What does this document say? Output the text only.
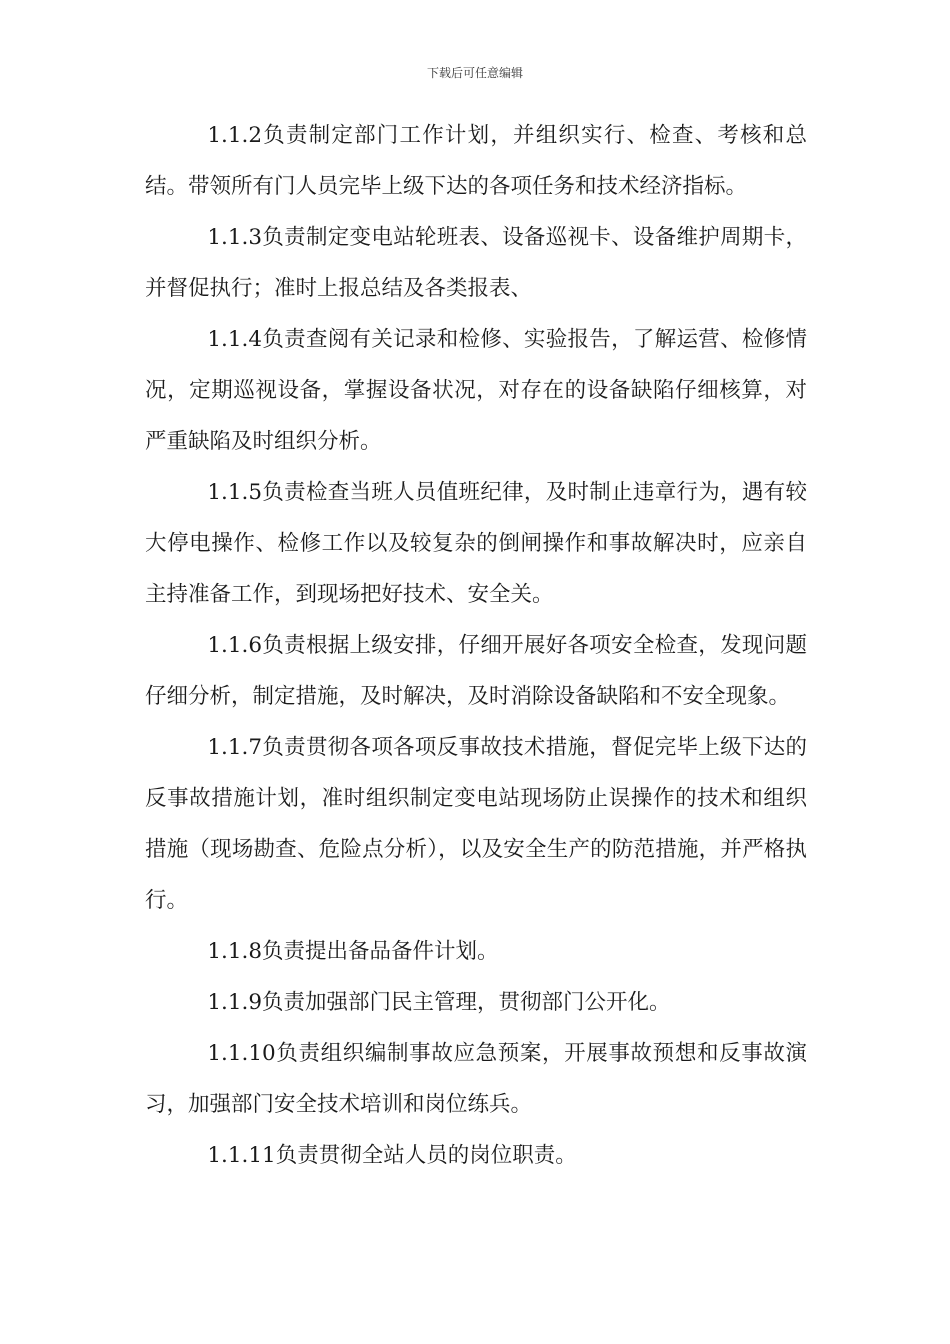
下载后可任意编辑

1.1.2负责制定部门工作计划，并组织实行、检查、考核和总结。带领所有门人员完毕上级下达的各项任务和技术经济指标。

1.1.3负责制定变电站轮班表、设备巡视卡、设备维护周期卡，并督促执行；准时上报总结及各类报表、

1.1.4负责查阅有关记录和检修、实验报告，了解运营、检修情况，定期巡视设备，掌握设备状况，对存在的设备缺陷仔细核算，对严重缺陷及时组织分析。

1.1.5负责检查当班人员值班纪律，及时制止违章行为，遇有较大停电操作、检修工作以及较复杂的倒闸操作和事故解决时，应亲自主持准备工作，到现场把好技术、安全关。

1.1.6负责根据上级安排，仔细开展好各项安全检查，发现问题仔细分析，制定措施，及时解决，及时消除设备缺陷和不安全现象。

1.1.7负责贯彻各项各项反事故技术措施，督促完毕上级下达的反事故措施计划，准时组织制定变电站现场防止误操作的技术和组织措施（现场勘查、危险点分析），以及安全生产的防范措施，并严格执行。

1.1.8负责提出备品备件计划。

1.1.9负责加强部门民主管理，贯彻部门公开化。

1.1.10负责组织编制事故应急预案，开展事故预想和反事故演习，加强部门安全技术培训和岗位练兵。

1.1.11负责贯彻全站人员的岗位职责。
